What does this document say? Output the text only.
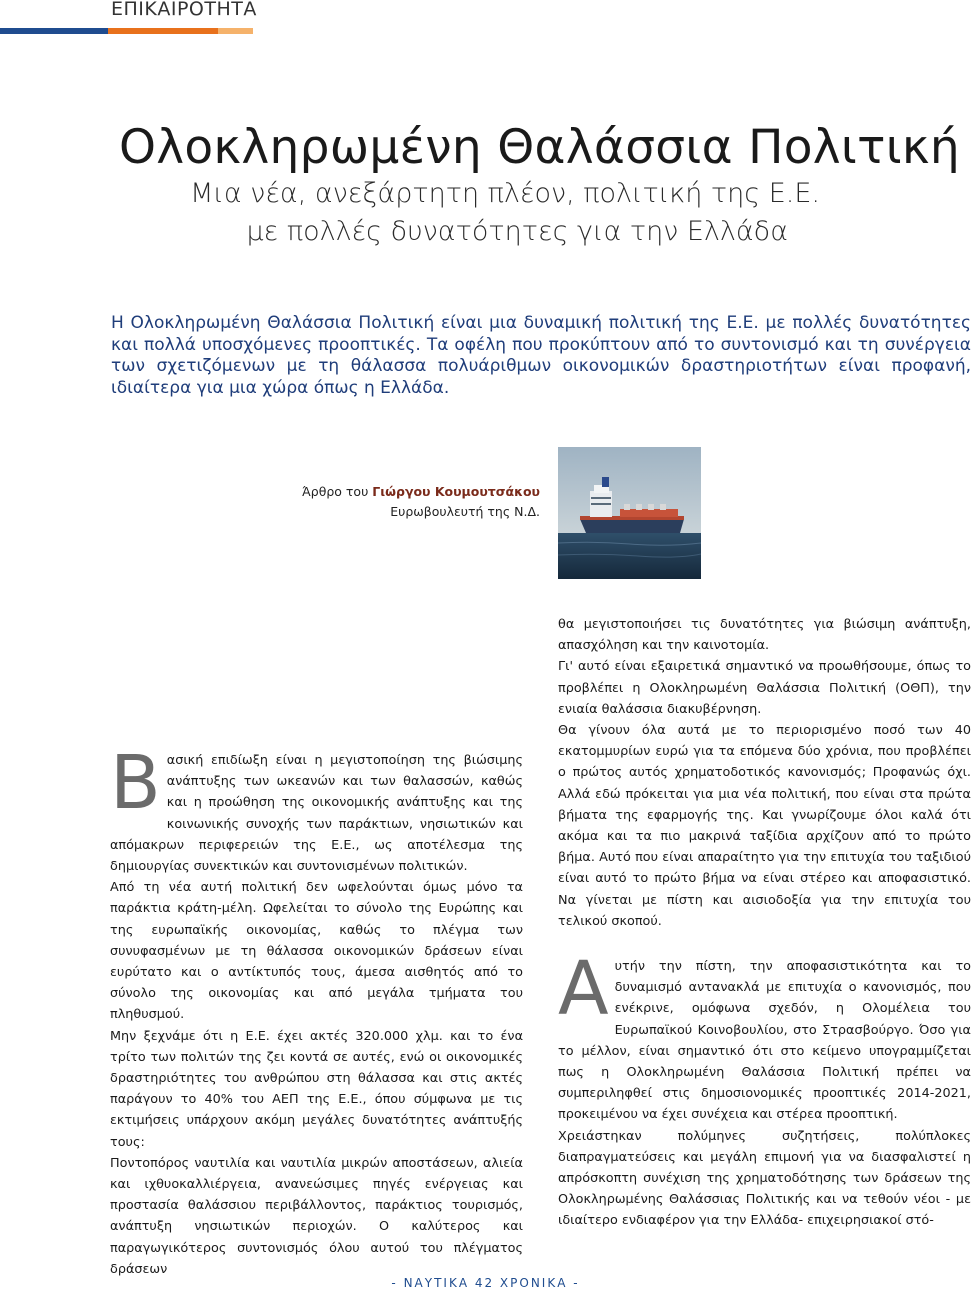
ΕΠΙΚΑΙΡΟΤΗΤΑ
Ολοκληρωμένη Θαλάσσια Πολιτική
Μια νέα, ανεξάρτητη πλέον, πολιτική της Ε.Ε.
με πολλές δυνατότητες για την Ελλάδα

Η Ολοκληρωμένη Θαλάσσια Πολιτική είναι μια δυναμική πολιτική της Ε.Ε. με πολλές δυνατότητες και πολλά υποσχόμενες προοπτικές. Τα οφέλη που προκύπτουν από το συντονισμό και τη συνέργεια των σχετιζόμενων με τη θάλασσα πολυάριθμων οικονομικών δραστηριοτήτων είναι προφανή, ιδιαίτερα για μια χώρα όπως η Ελλάδα.

Άρθρο του Γιώργου Κουμουτσάκου
Ευρωβουλευτή της Ν.Δ.

Βασική επιδίωξη είναι η μεγιστοποίηση της βιώσιμης ανάπτυξης των ωκεανών και των θαλασσών, καθώς και η προώθηση της οικονομικής ανάπτυξης και της κοινωνικής συνοχής των παράκτιων, νησιωτικών και απόμακρων περιφερειών της Ε.Ε., ως αποτέλεσμα της δημιουργίας συνεκτικών και συντονισμένων πολιτικών.

Από τη νέα αυτή πολιτική δεν ωφελούνται όμως μόνο τα παράκτια κράτη-μέλη. Ωφελείται το σύνολο της Ευρώπης και της ευρωπαϊκής οικονομίας, καθώς το πλέγμα των συνυφασμένων με τη θάλασσα οικονομικών δράσεων είναι ευρύτατο και ο αντίκτυπός τους, άμεσα αισθητός από το σύνολο της οικονομίας και από μεγάλα τμήματα του πληθυσμού.

Μην ξεχνάμε ότι η Ε.Ε. έχει ακτές 320.000 χλμ. και το ένα τρίτο των πολιτών της ζει κοντά σε αυτές, ενώ οι οικονομικές δραστηριότητες του ανθρώπου στη θάλασσα και στις ακτές παράγουν το 40% του ΑΕΠ της Ε.Ε., όπου σύμφωνα με τις εκτιμήσεις υπάρχουν ακόμη μεγάλες δυνατότητες ανάπτυξής τους:

Ποντοπόρος ναυτιλία και ναυτιλία μικρών αποστάσεων, αλιεία και ιχθυοκαλλιέργεια, ανανεώσιμες πηγές ενέργειας και προστασία θαλάσσιου περιβάλλοντος, παράκτιος τουρισμός, ανάπτυξη νησιωτικών περιοχών. Ο καλύτερος και παραγωγικότερος συντονισμός όλου αυτού του πλέγματος δράσεων

θα μεγιστοποιήσει τις δυνατότητες για βιώσιμη ανάπτυξη, απασχόληση και την καινοτομία.

Γι' αυτό είναι εξαιρετικά σημαντικό να προωθήσουμε, όπως το προβλέπει η Ολοκληρωμένη Θαλάσσια Πολιτική (ΟΘΠ), την ενιαία θαλάσσια διακυβέρνηση.

Θα γίνουν όλα αυτά με το περιορισμένο ποσό των 40 εκατομμυρίων ευρώ για τα επόμενα δύο χρόνια, που προβλέπει ο πρώτος αυτός χρηματοδοτικός κανονισμός; Προφανώς όχι. Αλλά εδώ πρόκειται για μια νέα πολιτική, που είναι στα πρώτα βήματα της εφαρμογής της. Και γνωρίζουμε όλοι καλά ότι ακόμα και τα πιο μακρινά ταξίδια αρχίζουν από το πρώτο βήμα. Αυτό που είναι απαραίτητο για την επιτυχία του ταξιδιού είναι αυτό το πρώτο βήμα να είναι στέρεο και αποφασιστικό. Να γίνεται με πίστη και αισιοδοξία για την επιτυχία του τελικού σκοπού.

Αυτήν την πίστη, την αποφασιστικότητα και το δυναμισμό αντανακλά με επιτυχία ο κανονισμός, που ενέκρινε, ομόφωνα σχεδόν, η Ολομέλεια του Ευρωπαϊκού Κοινοβουλίου, στο Στρασβούργο. Όσο για το μέλλον, είναι σημαντικό ότι στο κείμενο υπογραμμίζεται πως η Ολοκληρωμένη Θαλάσσια Πολιτική πρέπει να συμπεριληφθεί στις δημοσιονομικές προοπτικές 2014-2021, προκειμένου να έχει συνέχεια και στέρεα προοπτική.

Χρειάστηκαν πολύμηνες συζητήσεις, πολύπλοκες διαπραγματεύσεις και μεγάλη επιμονή για να διασφαλιστεί η απρόσκοπτη συνέχιση της χρηματοδότησης των δράσεων της Ολοκληρωμένης Θαλάσσιας Πολιτικής και να τεθούν νέοι - με ιδιαίτερο ενδιαφέρον για την Ελλάδα- επιχειρησιακοί στό-

- ΝΑΥΤΙΚΑ 42 ΧΡΟΝΙΚΑ -
